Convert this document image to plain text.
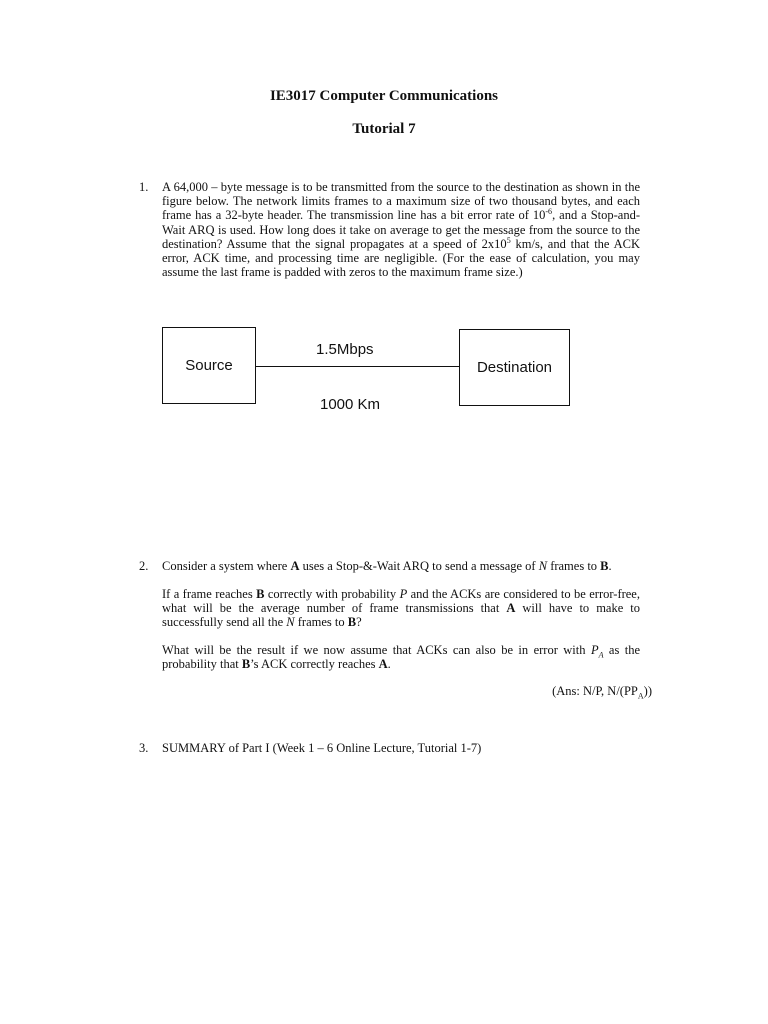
IE3017 Computer Communications
Tutorial 7
1. A 64,000 – byte message is to be transmitted from the source to the destination as shown in the figure below. The network limits frames to a maximum size of two thousand bytes, and each frame has a 32-byte header. The transmission line has a bit error rate of $10^{-6}$, and a Stop-and-Wait ARQ is used. How long does it take on average to get the message from the source to the destination? Assume that the signal propagates at a speed of $2x10^5$ km/s, and that the ACK error, ACK time, and processing time are negligible. (For the ease of calculation, you may assume the last frame is padded with zeros to the maximum frame size.)
Source	Destination
1.5Mbps
1000 Km
2. Consider a system where A uses a Stop-&-Wait ARQ to send a message of N frames to B.
If a frame reaches B correctly with probability P and the ACKs are considered to be error-free, what will be the average number of frame transmissions that A will have to make to successfully send all the N frames to B?
What will be the result if we now assume that ACKs can also be in error with $P_A$ as the probability that B’s ACK correctly reaches A.
(Ans: N/P, $N/(PP_A)$)
3. SUMMARY of Part I (Week 1 – 6 Online Lecture, Tutorial 1-7)
